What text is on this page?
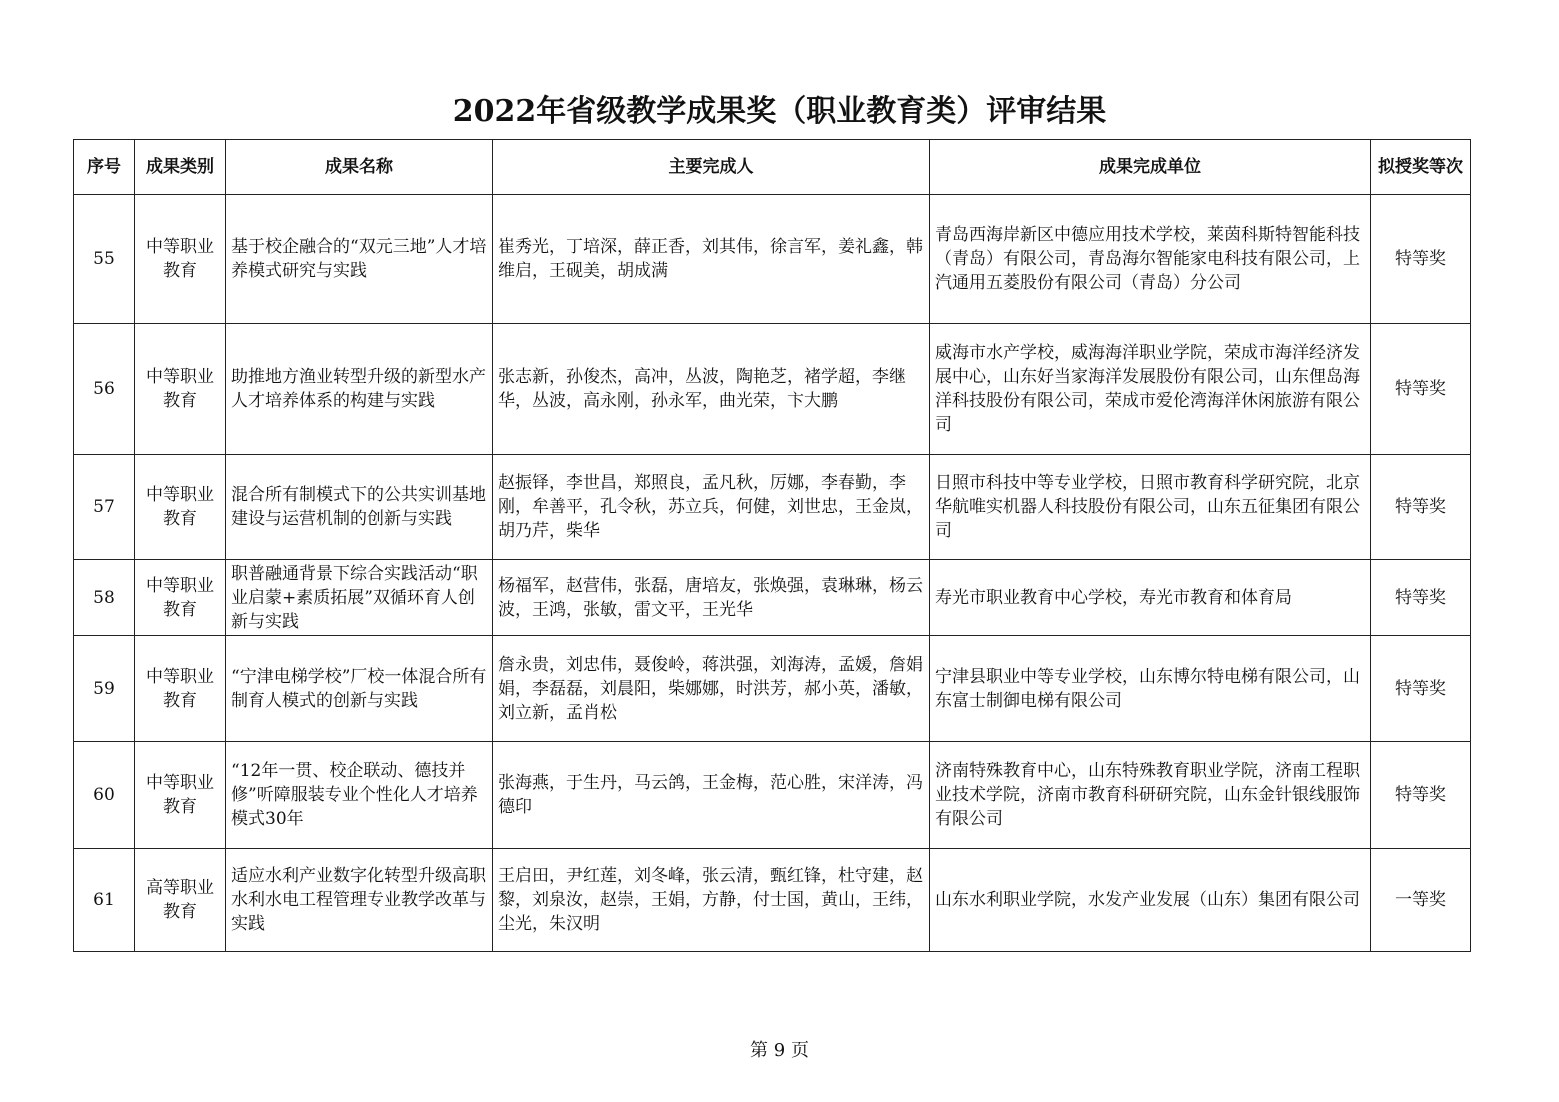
2022年省级教学成果奖（职业教育类）评审结果
序号	成果类别	成果名称	主要完成人	成果完成单位	拟授奖等次
55	中等职业教育	基于校企融合的“双元三地”人才培养模式研究与实践	崔秀光，丁培深，薛正香，刘其伟，徐言军，姜礼鑫，韩维启，王砚美，胡成满	青岛西海岸新区中德应用技术学校，莱茵科斯特智能科技（青岛）有限公司，青岛海尔智能家电科技有限公司，上汽通用五菱股份有限公司（青岛）分公司	特等奖
56	中等职业教育	助推地方渔业转型升级的新型水产人才培养体系的构建与实践	张志新，孙俊杰，高冲，丛波，陶艳芝，褚学超，李继华，丛波，高永刚，孙永军，曲光荣，卞大鹏	威海市水产学校，威海海洋职业学院，荣成市海洋经济发展中心，山东好当家海洋发展股份有限公司，山东俚岛海洋科技股份有限公司，荣成市爱伦湾海洋休闲旅游有限公司	特等奖
57	中等职业教育	混合所有制模式下的公共实训基地建设与运营机制的创新与实践	赵振铎，李世昌，郑照良，孟凡秋，厉娜，李春勤，李刚，牟善平，孔令秋，苏立兵，何健，刘世忠，王金岚，胡乃芹，柴华	日照市科技中等专业学校，日照市教育科学研究院，北京华航唯实机器人科技股份有限公司，山东五征集团有限公司	特等奖
58	中等职业教育	职普融通背景下综合实践活动“职业启蒙+素质拓展”双循环育人创新与实践	杨福军，赵营伟，张磊，唐培友，张焕强，袁琳琳，杨云波，王鸿，张敏，雷文平，王光华	寿光市职业教育中心学校，寿光市教育和体育局	特等奖
59	中等职业教育	“宁津电梯学校”厂校一体混合所有制育人模式的创新与实践	詹永贵，刘忠伟，聂俊岭，蒋洪强，刘海涛，孟媛，詹娟娟，李磊磊，刘晨阳，柴娜娜，时洪芳，郝小英，潘敏，刘立新，孟肖松	宁津县职业中等专业学校，山东博尔特电梯有限公司，山东富士制御电梯有限公司	特等奖
60	中等职业教育	“12年一贯、校企联动、德技并修”听障服装专业个性化人才培养模式30年	张海燕，于生丹，马云鸽，王金梅，范心胜，宋洋涛，冯德印	济南特殊教育中心，山东特殊教育职业学院，济南工程职业技术学院，济南市教育科研研究院，山东金针银线服饰有限公司	特等奖
61	高等职业教育	适应水利产业数字化转型升级高职水利水电工程管理专业教学改革与实践	王启田，尹红莲，刘冬峰，张云清，甄红锋，杜守建，赵黎，刘泉汝，赵崇，王娟，方静，付士国，黄山，王纬，尘光，朱汉明	山东水利职业学院，水发产业发展（山东）集团有限公司	一等奖
第 9 页
